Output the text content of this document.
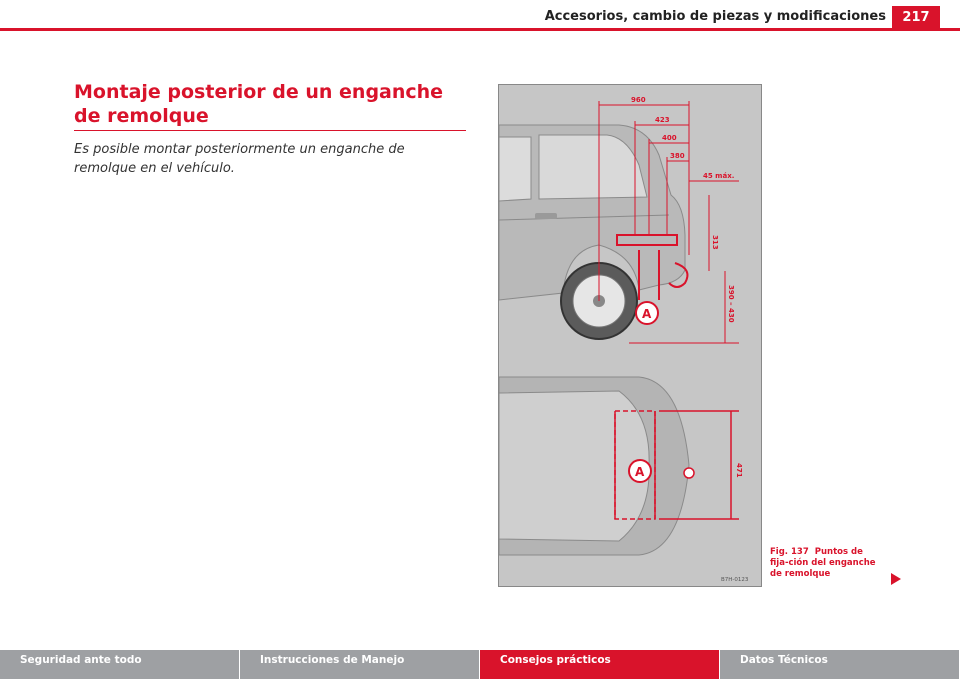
Accesorios, cambio de piezas y modificaciones	217
Montaje posterior de un enganche de remolque

Es posible montar posteriormente un enganche de remolque en el vehículo.

960
423
400
380
45 máx.
313
390 – 430
A
471
A
B7H-0123
Fig. 137 Puntos de fija-ción del enganche de remolque
Seguridad ante todo	Instrucciones de Manejo	Consejos prácticos	Datos Técnicos
